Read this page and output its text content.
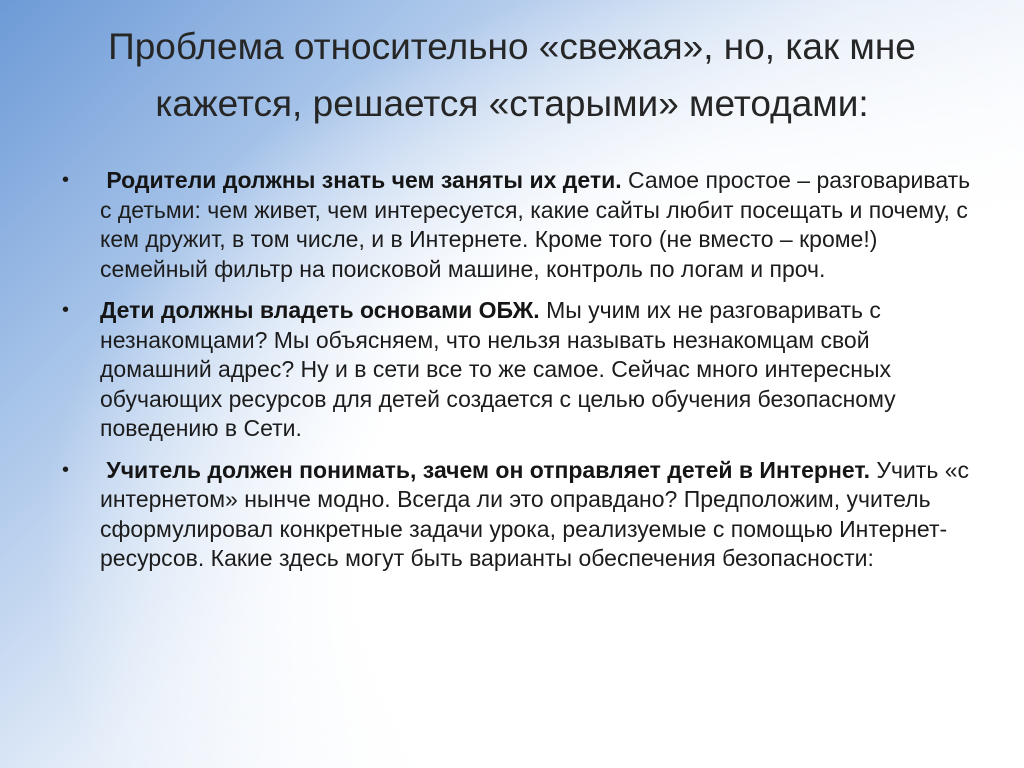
Проблема относительно «свежая», но, как мне
кажется, решается «старыми» методами:
• Родители должны знать чем заняты их дети. Самое простое – разговаривать с детьми: чем живет, чем интересуется, какие сайты любит посещать и почему, с кем дружит, в том числе, и в Интернете. Кроме того (не вместо – кроме!) семейный фильтр на поисковой машине, контроль по логам и проч.
• Дети должны владеть основами ОБЖ. Мы учим их не разговаривать с незнакомцами? Мы объясняем, что нельзя называть незнакомцам свой домашний адрес? Ну и в сети все то же самое. Сейчас много интересных обучающих ресурсов для детей создается с целью обучения безопасному поведению в Сети.
• Учитель должен понимать, зачем он отправляет детей в Интернет. Учить «с интернетом» нынче модно. Всегда ли это оправдано? Предположим, учитель сформулировал конкретные задачи урока, реализуемые с помощью Интернет-ресурсов. Какие здесь могут быть варианты обеспечения безопасности:
